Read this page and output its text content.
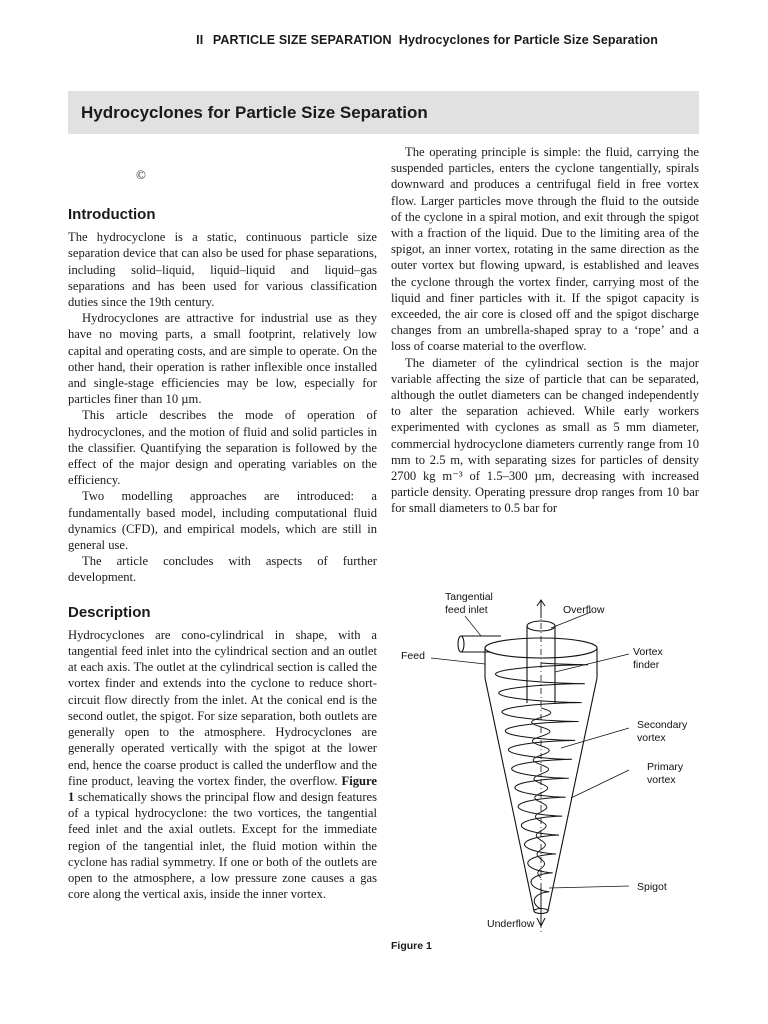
II PARTICLE SIZE SEPARATION Hydrocyclones for Particle Size Separation
Hydrocyclones for Particle Size Separation
©
Introduction

The hydrocyclone is a static, continuous particle size separation device that can also be used for phase separations, including solid–liquid, liquid–liquid and liquid–gas separations and has been used for various classification duties since the 19th century.

Hydrocyclones are attractive for industrial use as they have no moving parts, a small footprint, relatively low capital and operating costs, and are simple to operate. On the other hand, their operation is rather inflexible once installed and single-stage efficiencies may be low, especially for particles finer than 10 µm.

This article describes the mode of operation of hydrocyclones, and the motion of fluid and solid particles in the classifier. Quantifying the separation is followed by the effect of the major design and operating variables on the efficiency.

Two modelling approaches are introduced: a fundamentally based model, including computational fluid dynamics (CFD), and empirical models, which are still in general use.

The article concludes with aspects of further development.

Description

Hydrocyclones are cono-cylindrical in shape, with a tangential feed inlet into the cylindrical section and an outlet at each axis. The outlet at the cylindrical section is called the vortex finder and extends into the cyclone to reduce short-circuit flow directly from the inlet. At the conical end is the second outlet, the spigot. For size separation, both outlets are generally open to the atmosphere. Hydrocyclones are generally operated vertically with the spigot at the lower end, hence the coarse product is called the underflow and the fine product, leaving the vortex finder, the overflow. Figure 1 schematically shows the principal flow and design features of a typical hydrocyclone: the two vortices, the tangential feed inlet and the axial outlets. Except for the immediate region of the tangential inlet, the fluid motion within the cyclone has radial symmetry. If one or both of the outlets are open to the atmosphere, a low pressure zone causes a gas core along the vertical axis, inside the inner vortex.

The operating principle is simple: the fluid, carrying the suspended particles, enters the cyclone tangentially, spirals downward and produces a centrifugal field in free vortex flow. Larger particles move through the fluid to the outside of the cyclone in a spiral motion, and exit through the spigot with a fraction of the liquid. Due to the limiting area of the spigot, an inner vortex, rotating in the same direction as the outer vortex but flowing upward, is established and leaves the cyclone through the vortex finder, carrying most of the liquid and finer particles with it. If the spigot capacity is exceeded, the air core is closed off and the spigot discharge changes from an umbrella-shaped spray to a ‘rope’ and a loss of coarse material to the overflow.

The diameter of the cylindrical section is the major variable affecting the size of particle that can be separated, although the outlet diameters can be changed independently to alter the separation achieved. While early workers experimented with cyclones as small as 5 mm diameter, commercial hydrocyclone diameters currently range from 10 mm to 2.5 m, with separating sizes for particles of density 2700 kg m⁻³ of 1.5–300 µm, decreasing with increased particle density. Operating pressure drop ranges from 10 bar for small diameters to 0.5 bar for

Tangential
feed inlet	Overflow
Feed	Vortex
finder
Secondary
vortex
Primary
vortex
Spigot
Underflow
Figure 1
